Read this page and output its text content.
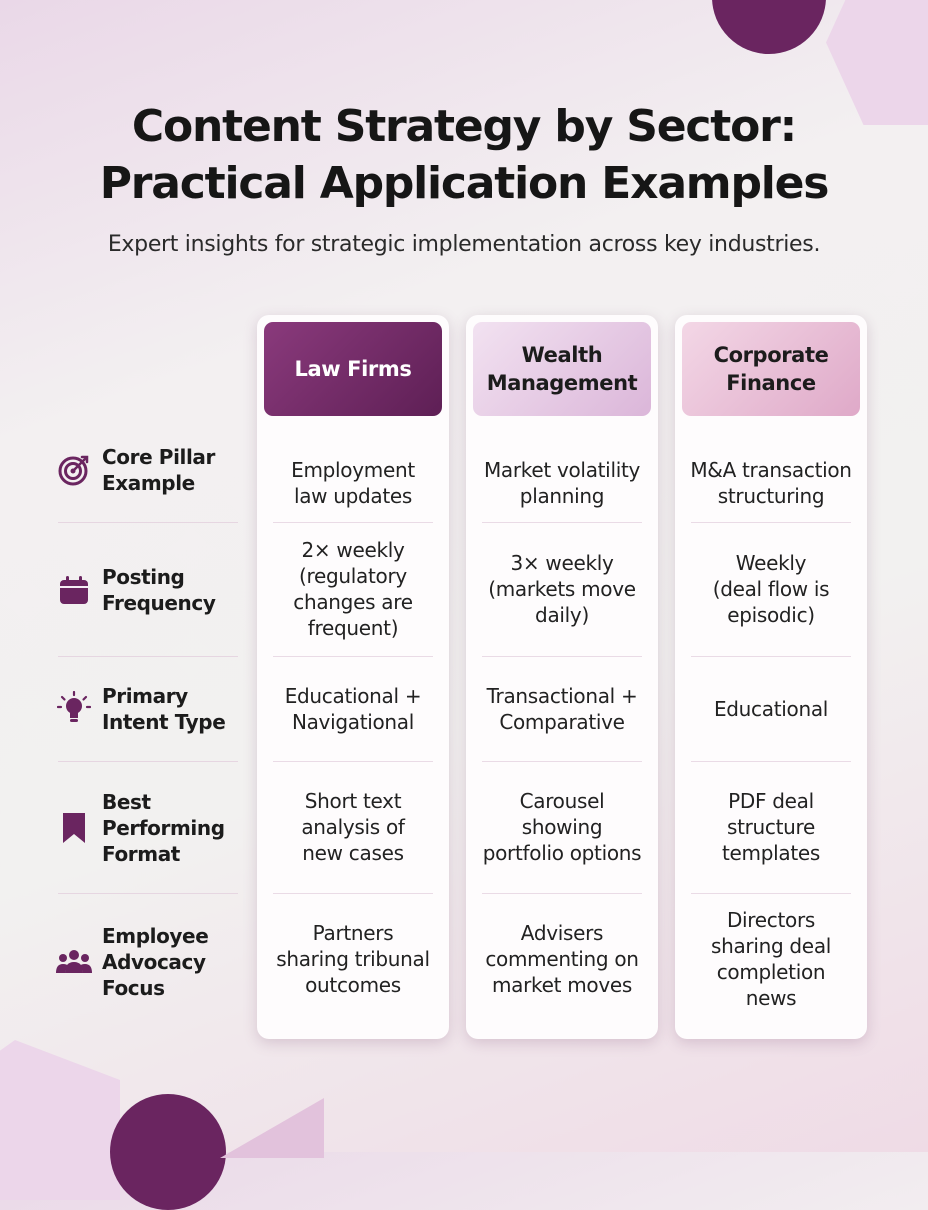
Content Strategy by Sector:
Practical Application Examples

Expert insights for strategic implementation across key industries.

Core Pillar
Example
Posting
Frequency
Primary
Intent Type
Best
Performing
Format
Employee
Advocacy
Focus
Law Firms
Employment
law updates
2× weekly
(regulatory
changes are
frequent)
Educational +
Navigational
Short text
analysis of
new cases
Partners
sharing tribunal
outcomes
Wealth
Management
Market volatility
planning
3× weekly
(markets move
daily)
Transactional +
Comparative
Carousel
showing
portfolio options
Advisers
commenting on
market moves
Corporate
Finance
M&A transaction
structuring
Weekly
(deal flow is
episodic)
Educational
PDF deal
structure
templates
Directors
sharing deal
completion
news
